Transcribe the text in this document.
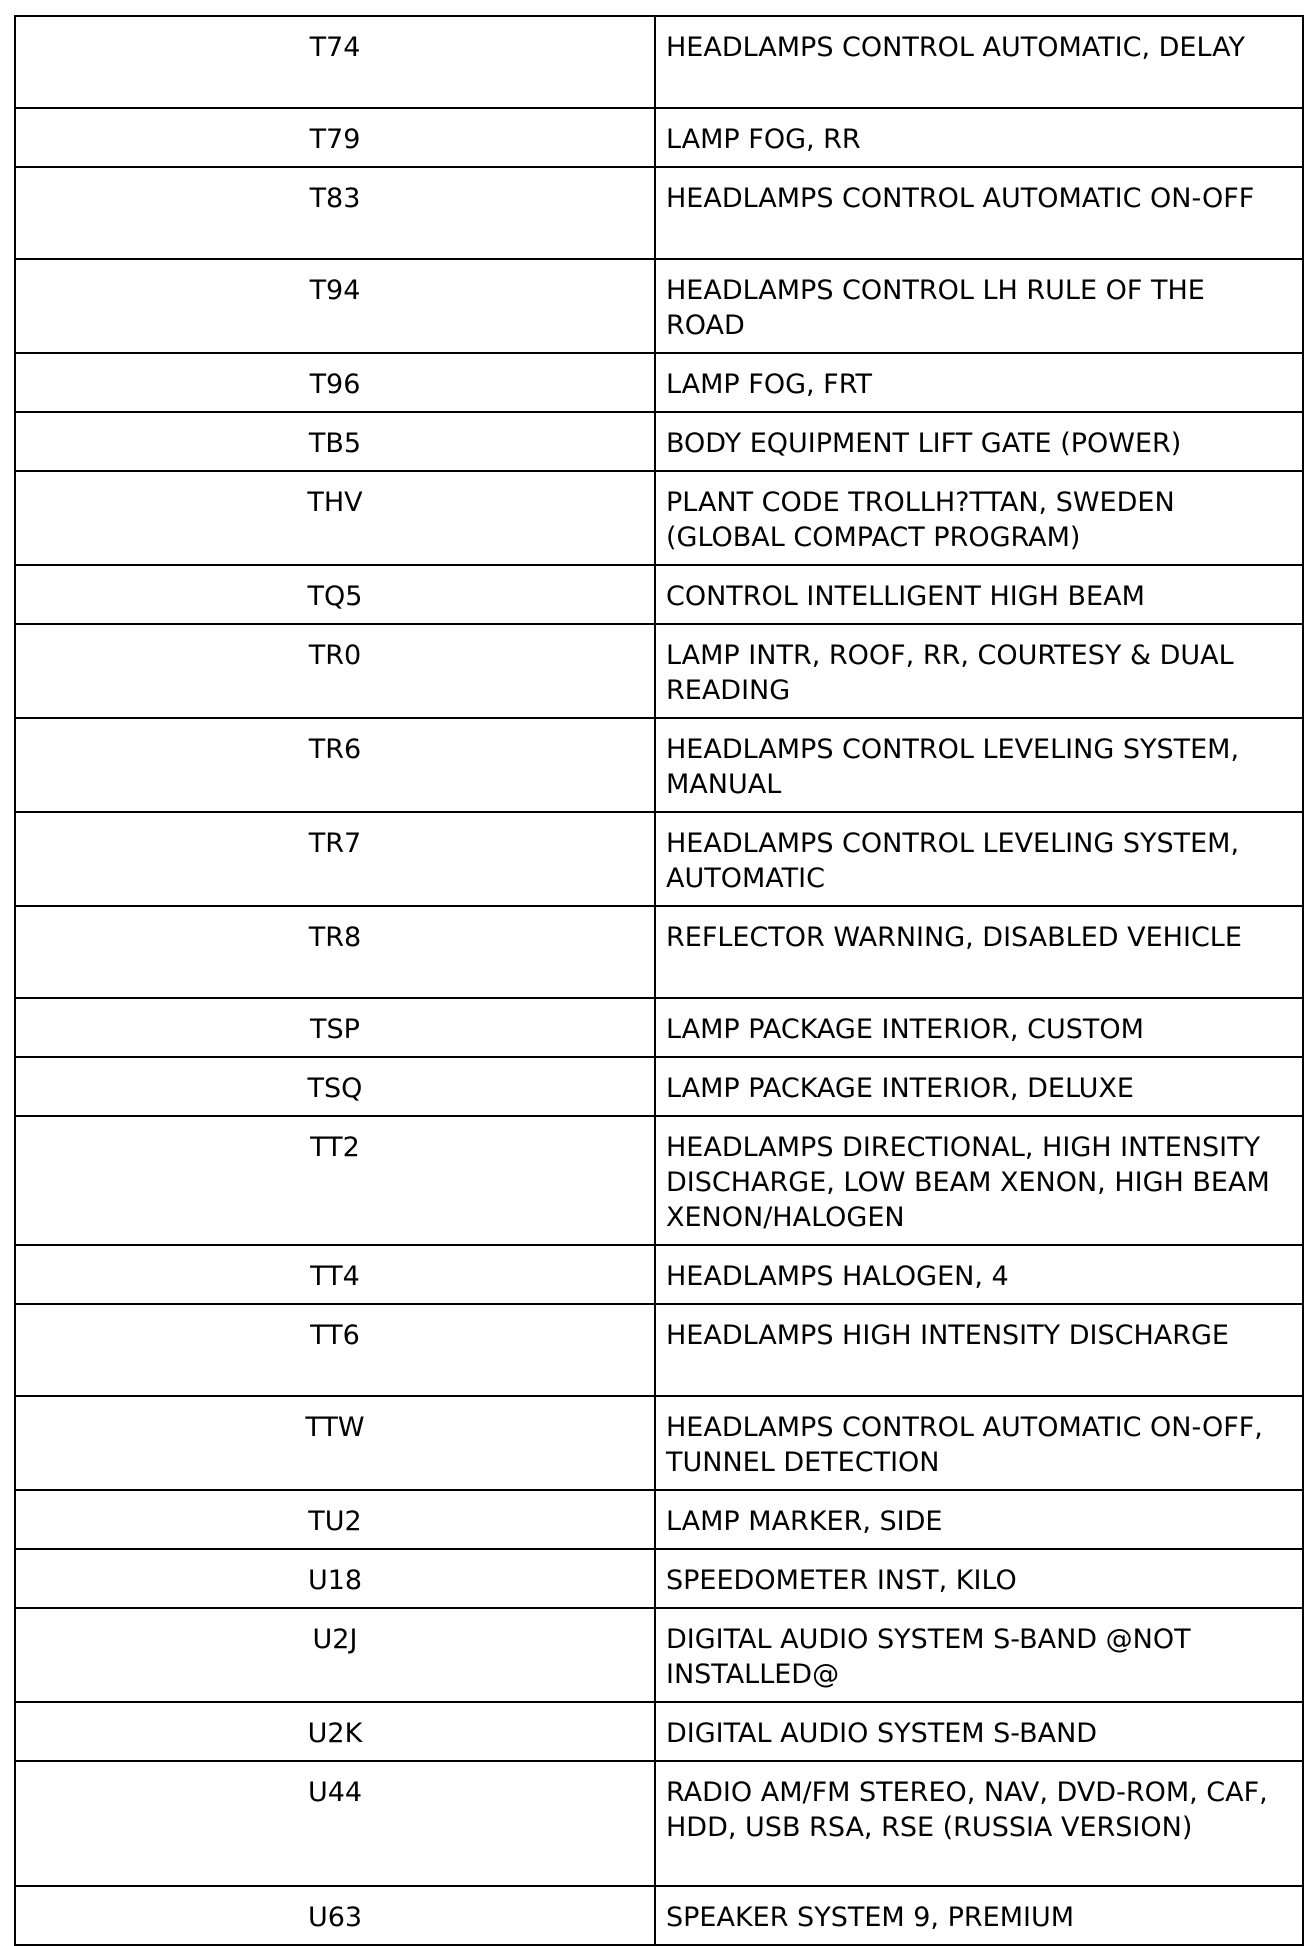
T74	HEADLAMPS CONTROL AUTOMATIC, DELAY
T79	LAMP FOG, RR
T83	HEADLAMPS CONTROL AUTOMATIC ON-OFF
T94	HEADLAMPS CONTROL LH RULE OF THE ROAD
T96	LAMP FOG, FRT
TB5	BODY EQUIPMENT LIFT GATE (POWER)
THV	PLANT CODE TROLLH?TTAN, SWEDEN (GLOBAL COMPACT PROGRAM)
TQ5	CONTROL INTELLIGENT HIGH BEAM
TR0	LAMP INTR, ROOF, RR, COURTESY & DUAL READING
TR6	HEADLAMPS CONTROL LEVELING SYSTEM, MANUAL
TR7	HEADLAMPS CONTROL LEVELING SYSTEM, AUTOMATIC
TR8	REFLECTOR WARNING, DISABLED VEHICLE
TSP	LAMP PACKAGE INTERIOR, CUSTOM
TSQ	LAMP PACKAGE INTERIOR, DELUXE
TT2	HEADLAMPS DIRECTIONAL, HIGH INTENSITY DISCHARGE, LOW BEAM XENON, HIGH BEAM XENON/HALOGEN
TT4	HEADLAMPS HALOGEN, 4
TT6	HEADLAMPS HIGH INTENSITY DISCHARGE
TTW	HEADLAMPS CONTROL AUTOMATIC ON-OFF, TUNNEL DETECTION
TU2	LAMP MARKER, SIDE
U18	SPEEDOMETER INST, KILO
U2J	DIGITAL AUDIO SYSTEM S-BAND @NOT INSTALLED@
U2K	DIGITAL AUDIO SYSTEM S-BAND
U44	RADIO AM/FM STEREO, NAV, DVD-ROM, CAF, HDD, USB RSA, RSE (RUSSIA VERSION)
U63	SPEAKER SYSTEM 9, PREMIUM
